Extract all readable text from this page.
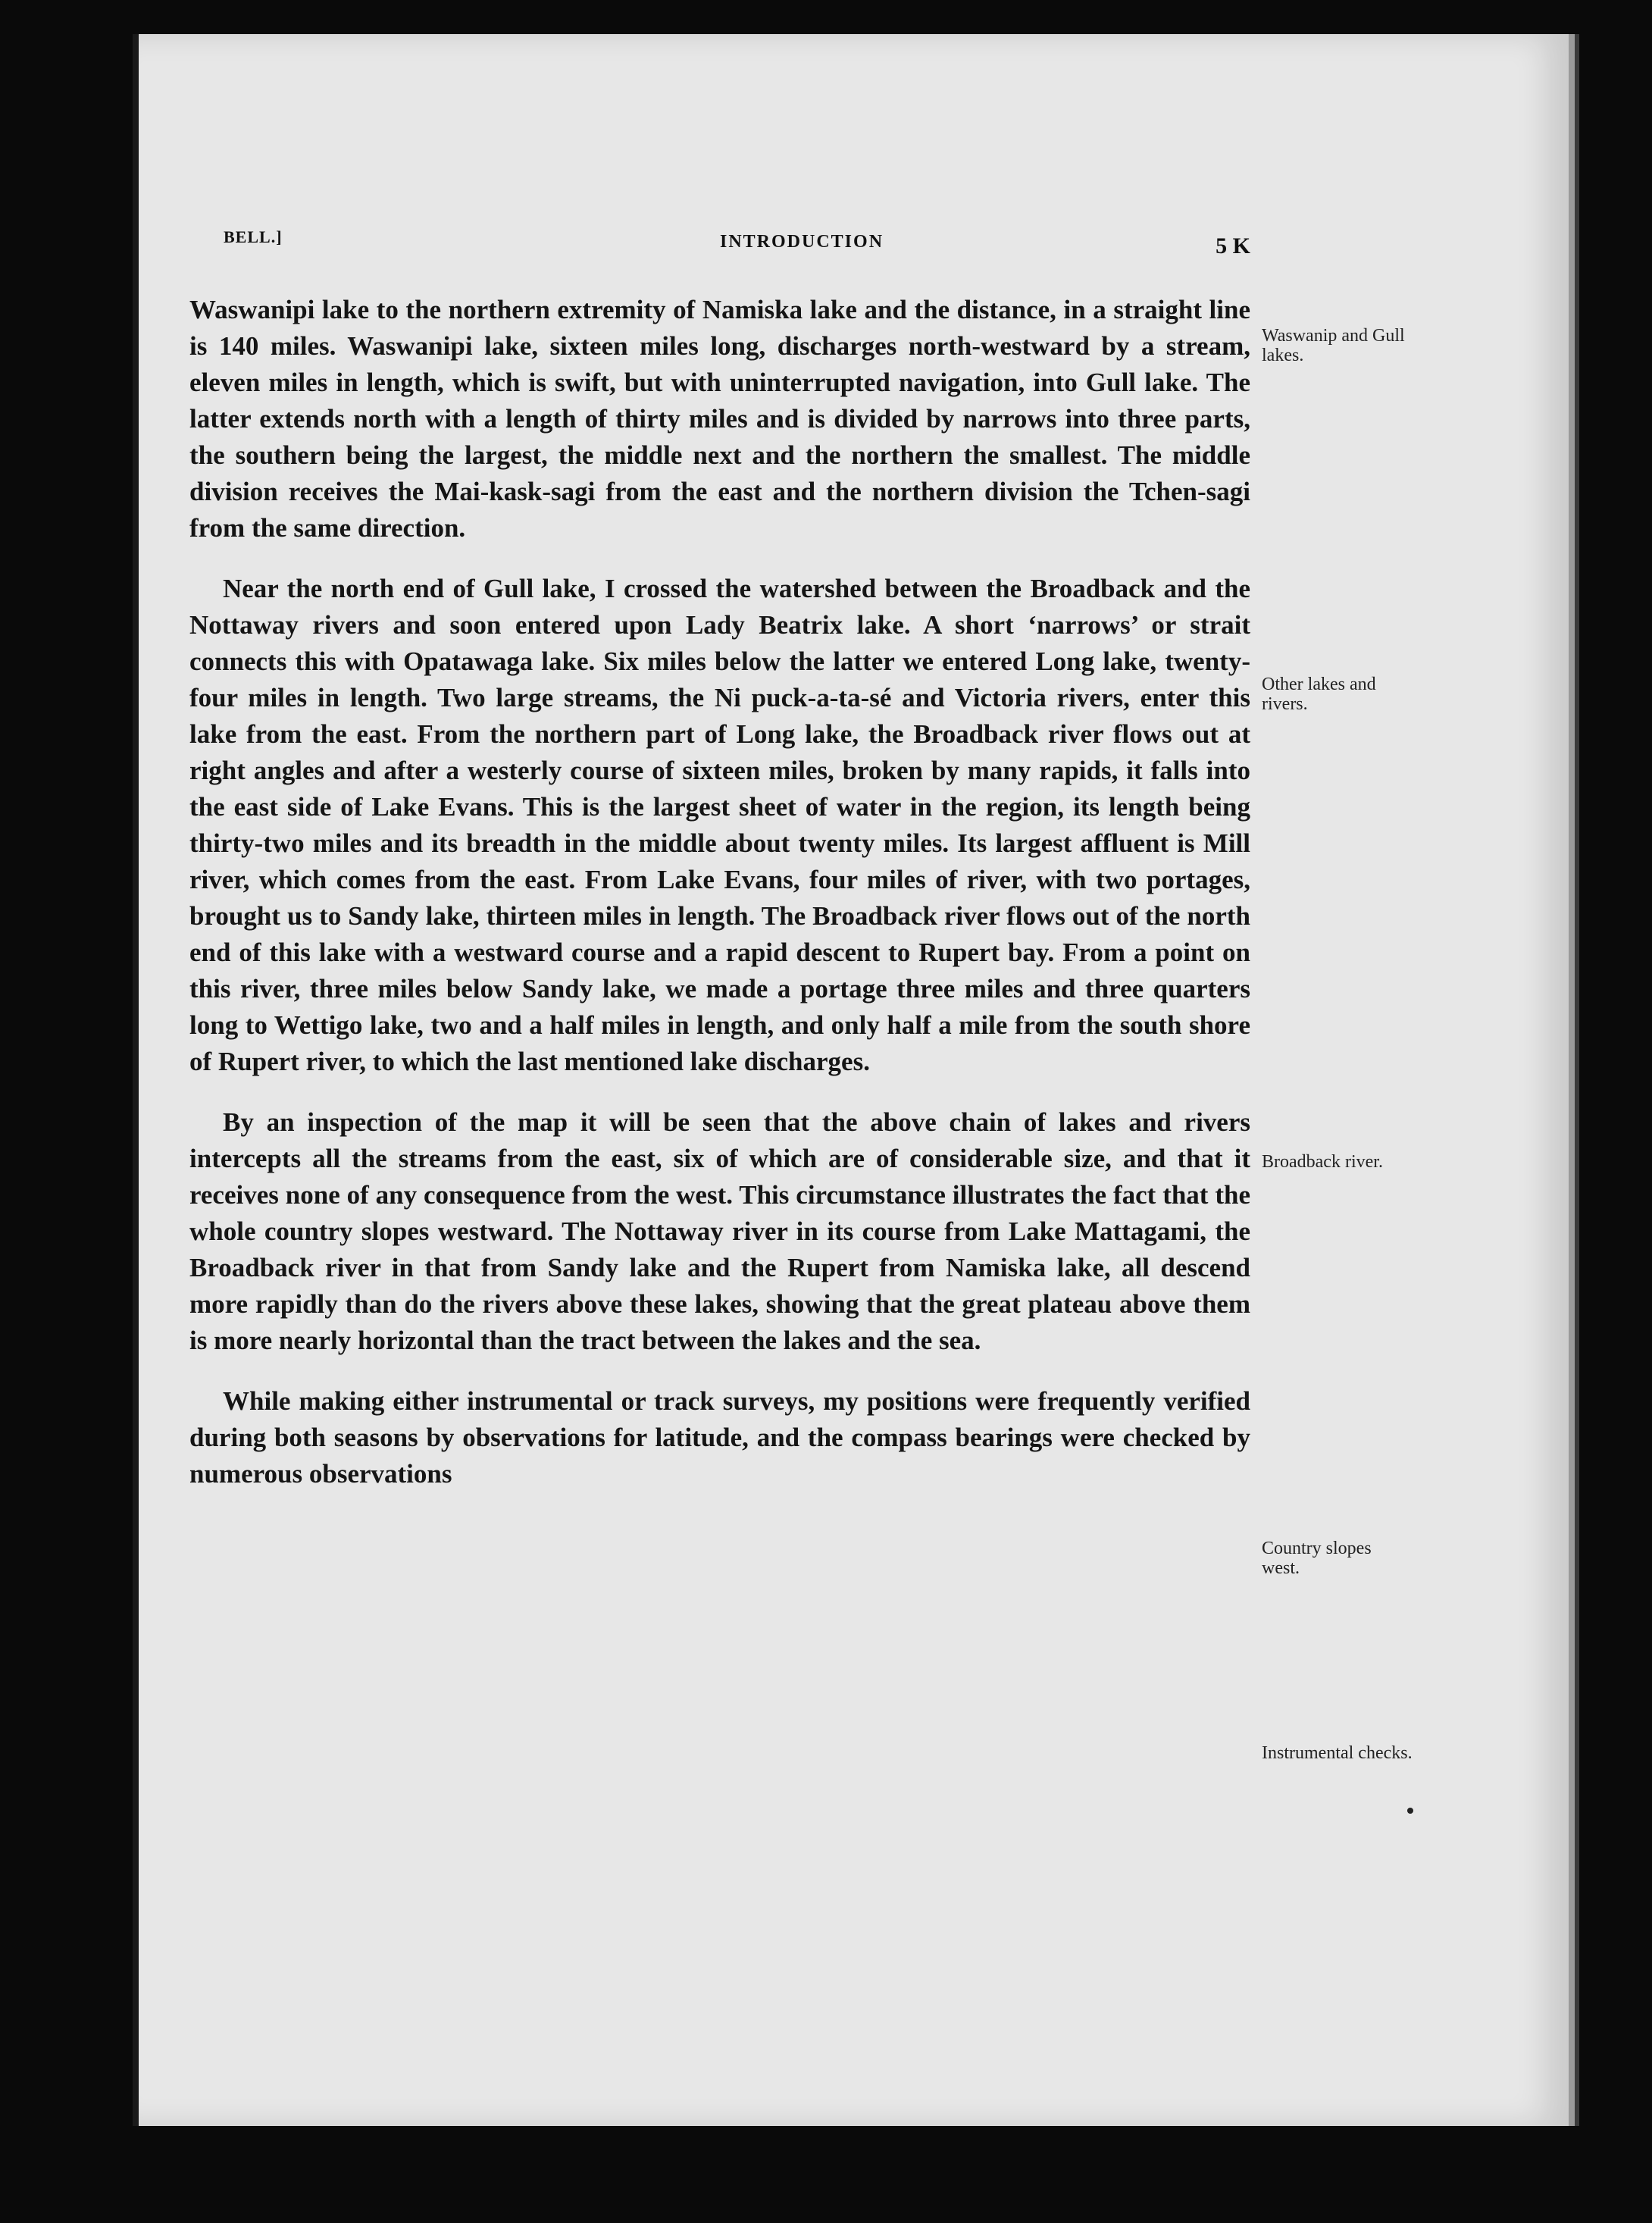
BELL.]	INTRODUCTION	5 K

Waswanipi lake to the northern extremity of Namiska lake and the distance, in a straight line is 140 miles. Waswanipi lake, sixteen miles long, discharges north-westward by a stream, eleven miles in length, which is swift, but with uninterrupted navigation, into Gull lake. The latter extends north with a length of thirty miles and is divided by narrows into three parts, the southern being the largest, the middle next and the northern the smallest. The middle division receives the Mai-kask-sagi from the east and the northern division the Tchen-sagi from the same direction.

Near the north end of Gull lake, I crossed the watershed between the Broadback and the Nottaway rivers and soon entered upon Lady Beatrix lake. A short ‘narrows’ or strait connects this with Opatawaga lake. Six miles below the latter we entered Long lake, twenty-four miles in length. Two large streams, the Ni puck-a-ta-sé and Victoria rivers, enter this lake from the east. From the northern part of Long lake, the Broadback river flows out at right angles and after a westerly course of sixteen miles, broken by many rapids, it falls into the east side of Lake Evans. This is the largest sheet of water in the region, its length being thirty-two miles and its breadth in the middle about twenty miles. Its largest affluent is Mill river, which comes from the east. From Lake Evans, four miles of river, with two portages, brought us to Sandy lake, thirteen miles in length. The Broadback river flows out of the north end of this lake with a westward course and a rapid descent to Rupert bay. From a point on this river, three miles below Sandy lake, we made a portage three miles and three quarters long to Wettigo lake, two and a half miles in length, and only half a mile from the south shore of Rupert river, to which the last mentioned lake discharges.

By an inspection of the map it will be seen that the above chain of lakes and rivers intercepts all the streams from the east, six of which are of considerable size, and that it receives none of any consequence from the west. This circumstance illustrates the fact that the whole country slopes westward. The Nottaway river in its course from Lake Mattagami, the Broadback river in that from Sandy lake and the Rupert from Namiska lake, all descend more rapidly than do the rivers above these lakes, showing that the great plateau above them is more nearly horizontal than the tract between the lakes and the sea.

While making either instrumental or track surveys, my positions were frequently verified during both seasons by observations for latitude, and the compass bearings were checked by numerous observations

Waswanip and Gull lakes.
Other lakes and rivers.
Broadback river.
Country slopes west.
Instrumental checks.
